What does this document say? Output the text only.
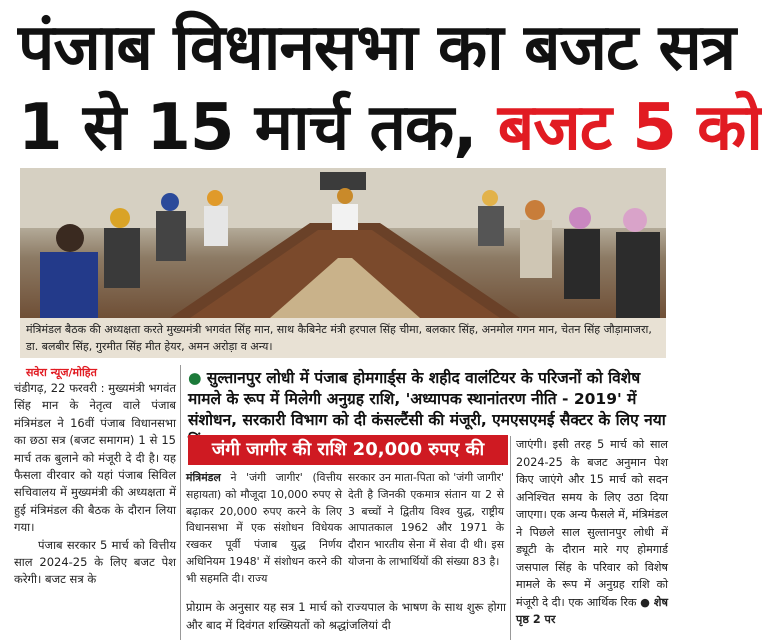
पंजाब विधानसभा का बजट सत्र
1 से 15 मार्च तक, बजट 5 को
मंत्रिमंडल बैठक की अध्यक्षता करते मुख्यमंत्री भगवंत सिंह मान, साथ कैबिनेट मंत्री हरपाल सिंह चीमा, बलकार सिंह, अनमोल गगन मान, चेतन सिंह जौड़ामाजरा, डा. बलबीर सिंह, गुरमीत सिंह मीत हेयर, अमन अरोड़ा व अन्य।
सवेरा न्यूज/मोहित

चंडीगढ़, 22 फरवरी : मुख्यमंत्री भगवंत सिंह मान के नेतृत्व वाले पंजाब मंत्रिमंडल ने 16वीं पंजाब विधानसभा का छठा सत्र (बजट समागम) 1 से 15 मार्च तक बुलाने को मंजूरी दे दी है। यह फैसला वीरवार को यहां पंजाब सिविल सचिवालय में मुख्यमंत्री की अध्यक्षता में हुई मंत्रिमंडल की बैठक के दौरान लिया गया।

पंजाब सरकार 5 मार्च को वित्तीय साल 2024-25 के लिए बजट पेश करेगी। बजट सत्र के

● सुल्तानपुर लोधी में पंजाब होमगार्ड्स के शहीद वालंटियर के परिजनों को विशेष मामले के रूप में मिलेगी अनुग्रह राशि, 'अध्यापक स्थानांतरण नीति - 2019' में संशोधन, सरकारी विभाग को दी कंसल्टैंसी की मंजूरी, एमएसएमई सैक्टर के लिए नया
जंगी जागीर की राशि 20,000 रुपए की
मंत्रिमंडल ने 'जंगी जागीर' (वित्तीय सहायता) को मौजूदा 10,000 रुपए से बढ़ाकर 20,000 रुपए करने के लिए विधानसभा में एक संशोधन विधेयक रखकर पूर्वी पंजाब युद्ध निर्णय अधिनियम 1948' में संशोधन करने की भी सहमति दी। राज्य
सरकार उन माता-पिता को 'जंगी जागीर' देती है जिनकी एकमात्र संतान या 2 से 3 बच्चों ने द्वितीय विश्व युद्ध, राष्ट्रीय आपातकाल 1962 और 1971 के दौरान भारतीय सेना में सेवा दी थी। इस योजना के लाभार्थियों की संख्या 83 है।
प्रोग्राम के अनुसार यह सत्र 1 मार्च को राज्यपाल के भाषण के साथ शुरू होगा और बाद में दिवंगत शख्सियतों को श्रद्धांजलियां दी
जाएंगी। इसी तरह 5 मार्च को साल 2024-25 के बजट अनुमान पेश किए जाएंगे और 15 मार्च को सदन अनिश्चित समय के लिए उठा दिया जाएगा। एक अन्य फैसले में, मंत्रिमंडल ने पिछले साल सुल्तानपुर लोधी में ड्यूटी के दौरान मारे गए होमगार्ड जसपाल सिंह के परिवार को विशेष मामले के रूप में अनुग्रह राशि को मंजूरी दे दी। एक आर्थिक रिक ● शेष पृष्ठ 2 पर
